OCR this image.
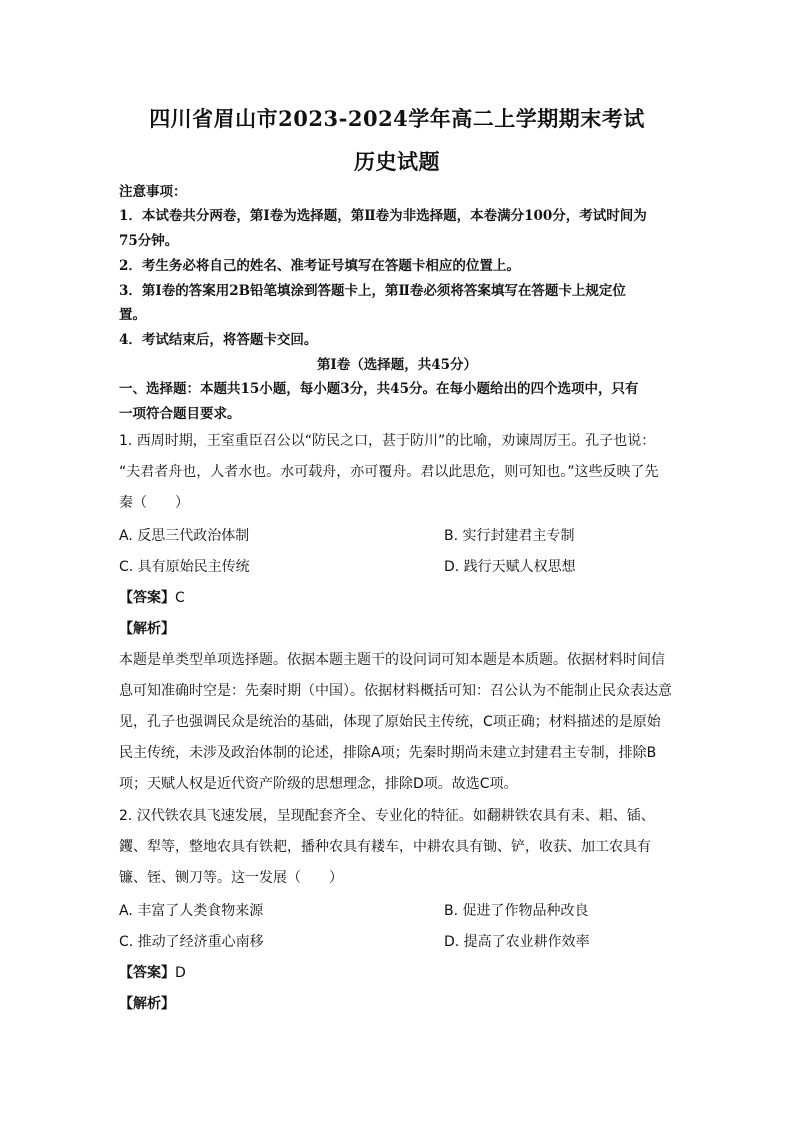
四川省眉山市2023-2024学年高二上学期期末考试
历史试题
注意事项：
1．本试卷共分两卷，第Ⅰ卷为选择题，第Ⅱ卷为非选择题，本卷满分100分，考试时间为
75分钟。
2．考生务必将自己的姓名、准考证号填写在答题卡相应的位置上。
3．第Ⅰ卷的答案用2B铅笔填涂到答题卡上，第Ⅱ卷必须将答案填写在答题卡上规定位
置。
4．考试结束后，将答题卡交回。
第Ⅰ卷（选择题，共45分）
一、选择题：本题共15小题，每小题3分，共45分。在每小题给出的四个选项中，只有
一项符合题目要求。
1. 西周时期，王室重臣召公以“防民之口，甚于防川”的比喻，劝谏周厉王。孔子也说：
“夫君者舟也，人者水也。水可载舟，亦可覆舟。君以此思危，则可知也。”这些反映了先
秦（　　）
A. 反思三代政治体制	B. 实行封建君主专制
C. 具有原始民主传统	D. 践行天赋人权思想
【答案】C
【解析】
本题是单类型单项选择题。依据本题主题干的设问词可知本题是本质题。依据材料时间信
息可知准确时空是：先秦时期（中国）。依据材料概括可知：召公认为不能制止民众表达意
见，孔子也强调民众是统治的基础，体现了原始民主传统，C项正确；材料描述的是原始
民主传统，未涉及政治体制的论述，排除A项；先秦时期尚未建立封建君主专制，排除B
项；天赋人权是近代资产阶级的思想理念，排除D项。故选C项。
2. 汉代铁农具飞速发展，呈现配套齐全、专业化的特征。如翻耕铁农具有耒、耜、锸、
钁、犁等，整地农具有铁耙，播种农具有耧车，中耕农具有锄、铲，收获、加工农具有
镰、铚、铡刀等。这一发展（　　）
A. 丰富了人类食物来源	B. 促进了作物品种改良
C. 推动了经济重心南移	D. 提高了农业耕作效率
【答案】D
【解析】
